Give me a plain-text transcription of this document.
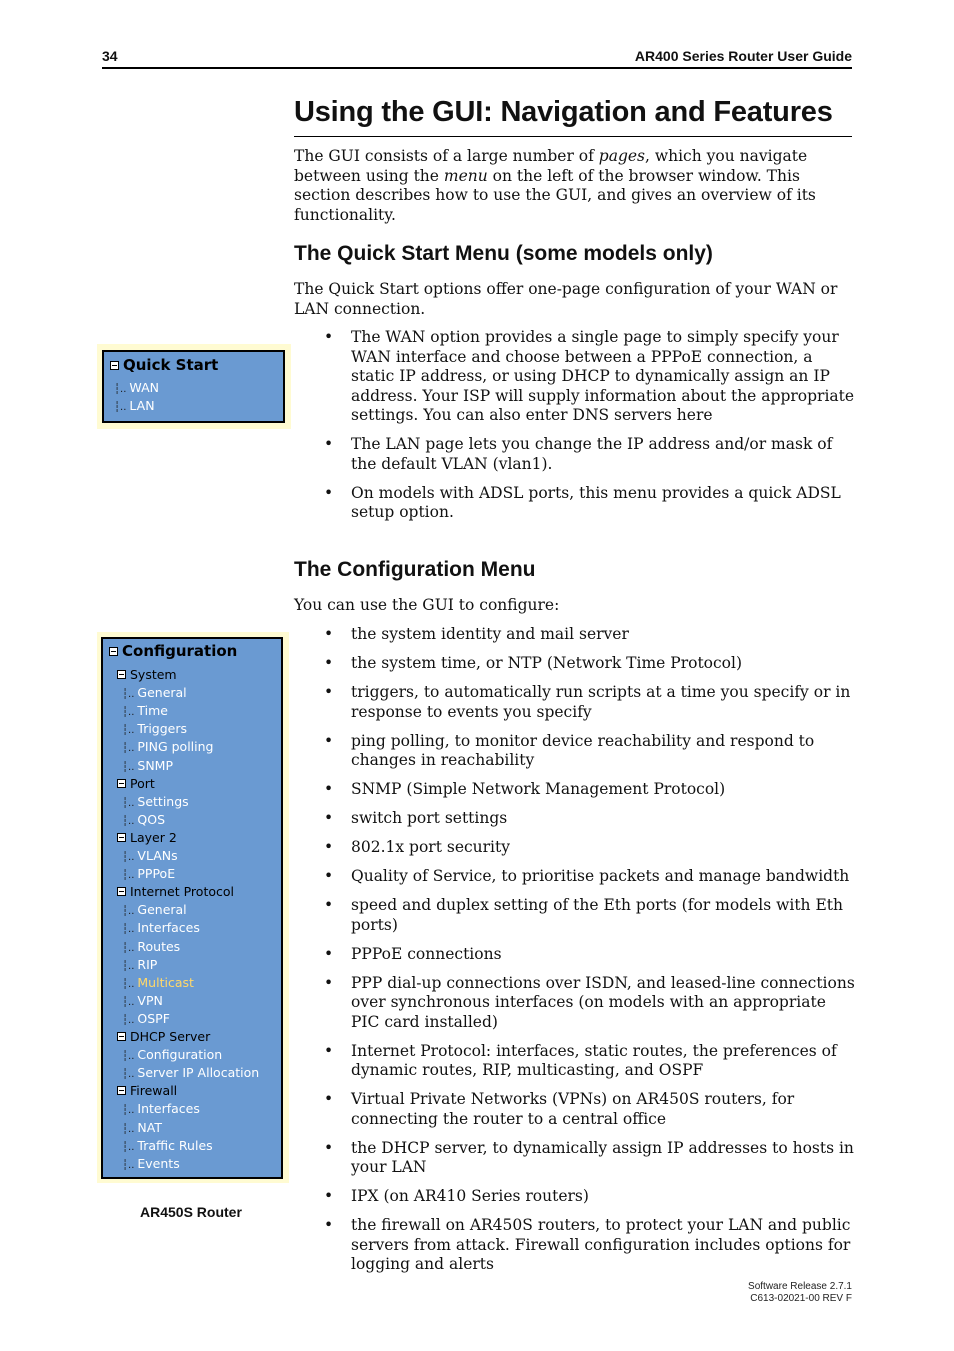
34	AR400 Series Router User Guide
Using the GUI: Navigation and Features

The GUI consists of a large number of pages, which you navigate between using the menu on the left of the browser window. This section describes how to use the GUI, and gives an overview of its functionality.

The Quick Start Menu (some models only)

The Quick Start options offer one-page configuration of your WAN or LAN connection.

• The WAN option provides a single page to simply specify your WAN interface and choose between a PPPoE connection, a static IP address, or using DHCP to dynamically assign an IP address. Your ISP will supply information about the appropriate settings. You can also enter DNS servers here
• The LAN page lets you change the IP address and/or mask of the default VLAN (vlan1).
• On models with ADSL ports, this menu provides a quick ADSL setup option.
Quick Start
┆.. WAN
┆.. LAN
The Configuration Menu

You can use the GUI to configure:

• the system identity and mail server
• the system time, or NTP (Network Time Protocol)
• triggers, to automatically run scripts at a time you specify or in response to events you specify
• ping polling, to monitor device reachability and respond to changes in reachability
• SNMP (Simple Network Management Protocol)
• switch port settings
• 802.1x port security
• Quality of Service, to prioritise packets and manage bandwidth
• speed and duplex setting of the Eth ports (for models with Eth ports)
• PPPoE connections
• PPP dial-up connections over ISDN, and leased-line connections over synchronous interfaces (on models with an appropriate PIC card installed)
• Internet Protocol: interfaces, static routes, the preferences of dynamic routes, RIP, multicasting, and OSPF
• Virtual Private Networks (VPNs) on AR450S routers, for connecting the router to a central office
• the DHCP server, to dynamically assign IP addresses to hosts in your LAN
• IPX (on AR410 Series routers)
• the firewall on AR450S routers, to protect your LAN and public servers from attack. Firewall configuration includes options for logging and alerts
Configuration
System
┆.. General
┆.. Time
┆.. Triggers
┆.. PING polling
┆.. SNMP
Port
┆.. Settings
┆.. QOS
Layer 2
┆.. VLANs
┆.. PPPoE
Internet Protocol
┆.. General
┆.. Interfaces
┆.. Routes
┆.. RIP
┆.. Multicast
┆.. VPN
┆.. OSPF
DHCP Server
┆.. Configuration
┆.. Server IP Allocation
Firewall
┆.. Interfaces
┆.. NAT
┆.. Traffic Rules
┆.. Events
AR450S Router
Software Release 2.7.1
C613-02021-00 REV F
